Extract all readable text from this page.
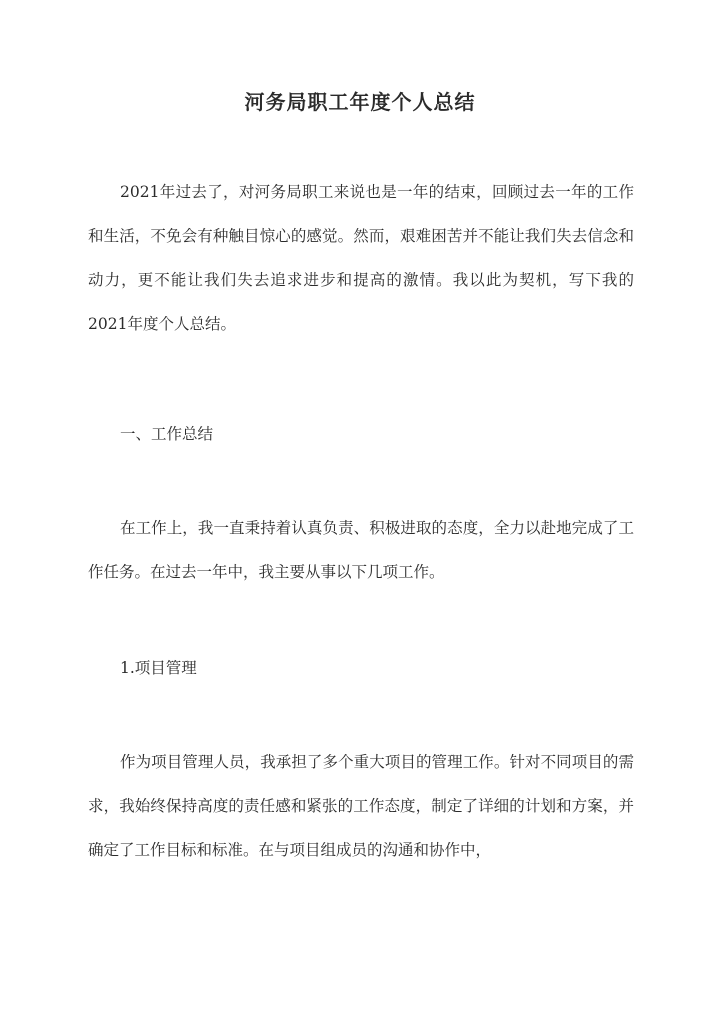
河务局职工年度个人总结

2021年过去了，对河务局职工来说也是一年的结束，回顾过去一年的工作和生活，不免会有种触目惊心的感觉。然而，艰难困苦并不能让我们失去信念和动力，更不能让我们失去追求进步和提高的激情。我以此为契机，写下我的2021年度个人总结。

一、工作总结

在工作上，我一直秉持着认真负责、积极进取的态度，全力以赴地完成了工作任务。在过去一年中，我主要从事以下几项工作。

1.项目管理

作为项目管理人员，我承担了多个重大项目的管理工作。针对不同项目的需求，我始终保持高度的责任感和紧张的工作态度，制定了详细的计划和方案，并确定了工作目标和标准。在与项目组成员的沟通和协作中，
